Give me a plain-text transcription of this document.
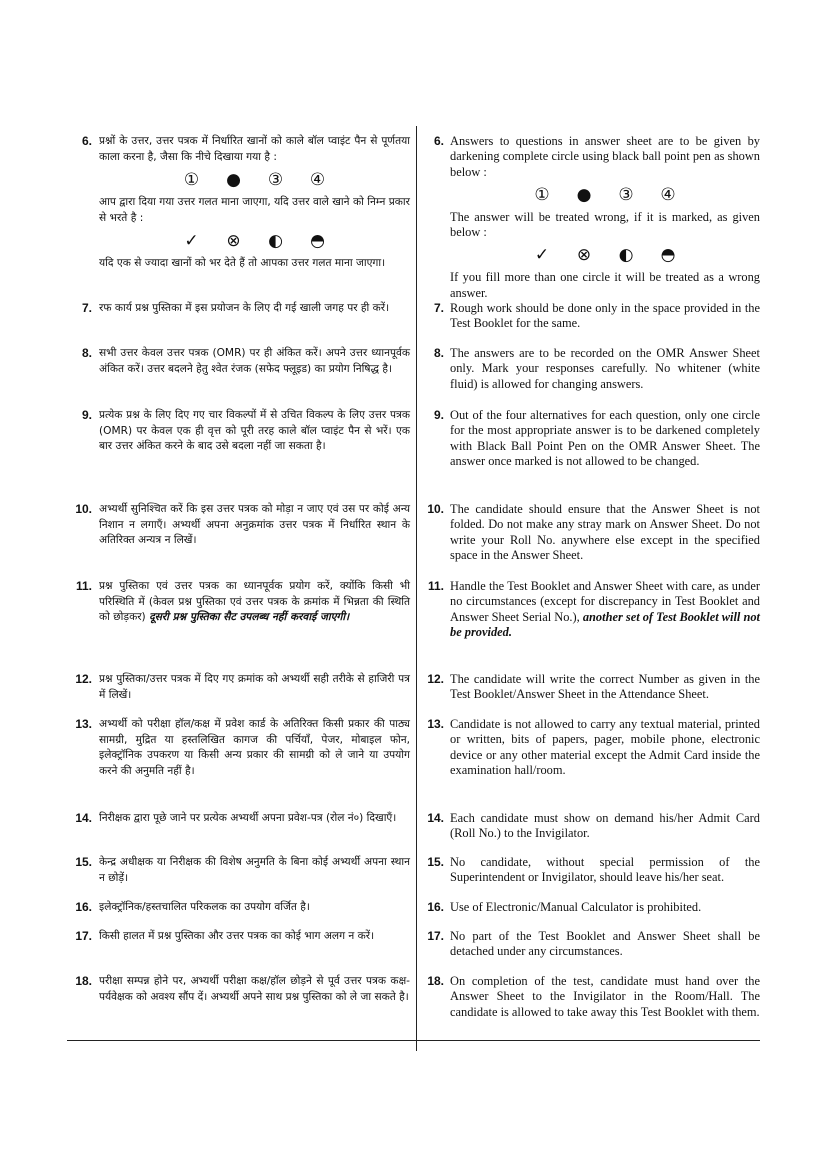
6. प्रश्नों के उत्तर, उत्तर पत्रक में निर्धारित खानों को काले बॉल प्वाइंट पैन से पूर्णतया काला करना है, जैसा कि नीचे दिखाया गया है :

① ● ③ ④

आप द्वारा दिया गया उत्तर गलत माना जाएगा, यदि उत्तर वाले खाने को निम्न प्रकार से भरते है :

✓ ⊗ ◐ ◓

यदि एक से ज्यादा खानों को भर देते हैं तो आपका उत्तर गलत माना जाएगा।

7. रफ कार्य प्रश्न पुस्तिका में इस प्रयोजन के लिए दी गई खाली जगह पर ही करें।
8. सभी उत्तर केवल उत्तर पत्रक (OMR) पर ही अंकित करें। अपने उत्तर ध्यानपूर्वक अंकित करें। उत्तर बदलने हेतु श्वेत रंजक (सफेद फ्लूइड) का प्रयोग निषिद्ध है।
9. प्रत्येक प्रश्न के लिए दिए गए चार विकल्पों में से उचित विकल्प के लिए उत्तर पत्रक (OMR) पर केवल एक ही वृत्त को पूरी तरह काले बॉल प्वाइंट पैन से भरें। एक बार उत्तर अंकित करने के बाद उसे बदला नहीं जा सकता है।
10. अभ्यर्थी सुनिश्चित करें कि इस उत्तर पत्रक को मोड़ा न जाए एवं उस पर कोई अन्य निशान न लगाएँ। अभ्यर्थी अपना अनुक्रमांक उत्तर पत्रक में निर्धारित स्थान के अतिरिक्त अन्यत्र न लिखें।
11. प्रश्न पुस्तिका एवं उत्तर पत्रक का ध्यानपूर्वक प्रयोग करें, क्योंकि किसी भी परिस्थिति में (केवल प्रश्न पुस्तिका एवं उत्तर पत्रक के क्रमांक में भिन्नता की स्थिति को छोड़कर) दूसरी प्रश्न पुस्तिका सैट उपलब्ध नहीं करवाई जाएगी।
12. प्रश्न पुस्तिका/उत्तर पत्रक में दिए गए क्रमांक को अभ्यर्थी सही तरीके से हाजिरी पत्र में लिखें।
13. अभ्यर्थी को परीक्षा हॉल/कक्ष में प्रवेश कार्ड के अतिरिक्त किसी प्रकार की पाठ्य सामग्री, मुद्रित या हस्तलिखित कागज की पर्चियाँ, पेजर, मोबाइल फोन, इलेक्ट्रॉनिक उपकरण या किसी अन्य प्रकार की सामग्री को ले जाने या उपयोग करने की अनुमति नहीं है।
14. निरीक्षक द्वारा पूछे जाने पर प्रत्येक अभ्यर्थी अपना प्रवेश-पत्र (रोल नं०) दिखाएँ।
15. केन्द्र अधीक्षक या निरीक्षक की विशेष अनुमति के बिना कोई अभ्यर्थी अपना स्थान न छोड़ें।
16. इलेक्ट्रॉनिक/हस्तचालित परिकलक का उपयोग वर्जित है।
17. किसी हालत में प्रश्न पुस्तिका और उत्तर पत्रक का कोई भाग अलग न करें।
18. परीक्षा सम्पन्न होने पर, अभ्यर्थी परीक्षा कक्ष/हॉल छोड़ने से पूर्व उत्तर पत्रक कक्ष-पर्यवेक्षक को अवश्य सौंप दें। अभ्यर्थी अपने साथ प्रश्न पुस्तिका को ले जा सकते है।
6. Answers to questions in answer sheet are to be given by darkening complete circle using black ball point pen as shown below :

① ● ③ ④

The answer will be treated wrong, if it is marked, as given below :

✓ ⊗ ◐ ◓

If you fill more than one circle it will be treated as a wrong answer.

7. Rough work should be done only in the space provided in the Test Booklet for the same.
8. The answers are to be recorded on the OMR Answer Sheet only. Mark your responses carefully. No whitener (white fluid) is allowed for changing answers.
9. Out of the four alternatives for each question, only one circle for the most appropriate answer is to be darkened completely with Black Ball Point Pen on the OMR Answer Sheet. The answer once marked is not allowed to be changed.
10. The candidate should ensure that the Answer Sheet is not folded. Do not make any stray mark on Answer Sheet. Do not write your Roll No. anywhere else except in the specified space in the Answer Sheet.
11. Handle the Test Booklet and Answer Sheet with care, as under no circumstances (except for discrepancy in Test Booklet and Answer Sheet Serial No.), another set of Test Booklet will not be provided.
12. The candidate will write the correct Number as given in the Test Booklet/Answer Sheet in the Attendance Sheet.
13. Candidate is not allowed to carry any textual material, printed or written, bits of papers, pager, mobile phone, electronic device or any other material except the Admit Card inside the examination hall/room.
14. Each candidate must show on demand his/her Admit Card (Roll No.) to the Invigilator.
15. No candidate, without special permission of the Superintendent or Invigilator, should leave his/her seat.
16. Use of Electronic/Manual Calculator is prohibited.
17. No part of the Test Booklet and Answer Sheet shall be detached under any circumstances.
18. On completion of the test, candidate must hand over the Answer Sheet to the Invigilator in the Room/Hall. The candidate is allowed to take away this Test Booklet with them.
